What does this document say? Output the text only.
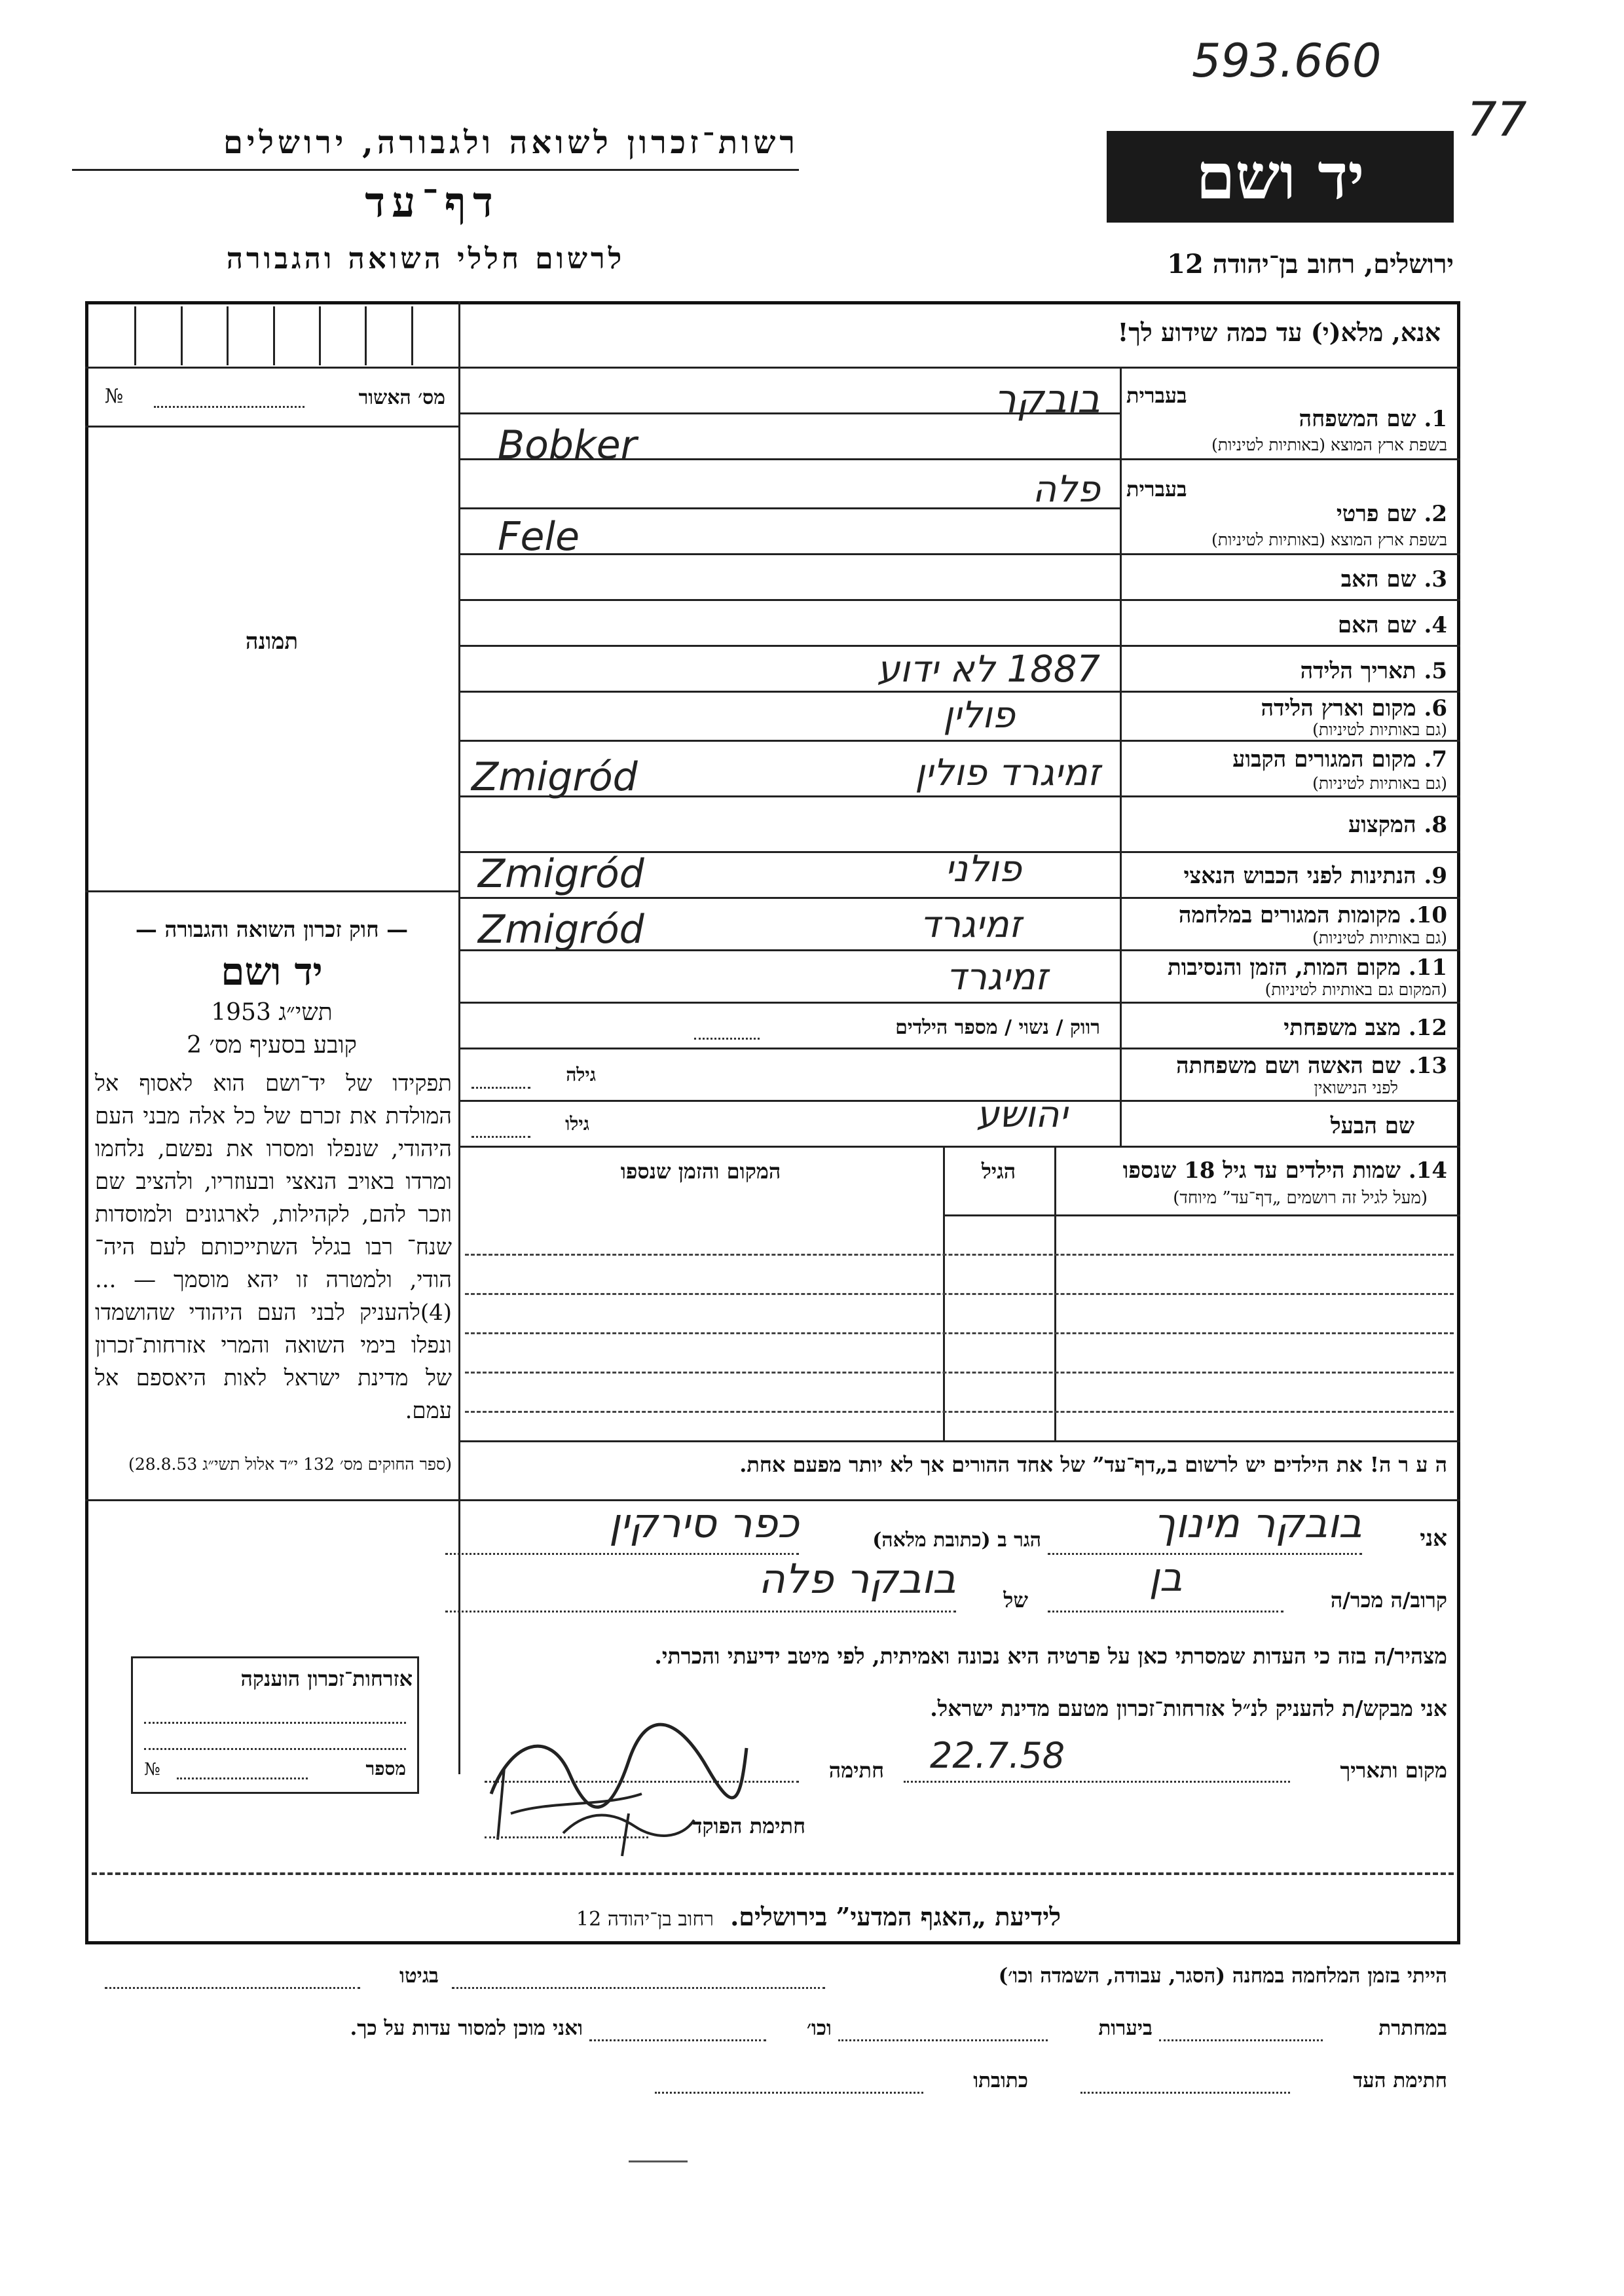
593.660
77
רשות־זכרון לשואה ולגבורה, ירושלים
דף־עד
לרשום חללי השואה והגבורה
יד ושם
ירושלים, רחוב בן־יהודה 12
אנא, מלא(י) עד כמה שידוע לך!
מס׳ האשור
№
תמונה
— חוק זכרון השואה והגבורה —
יד ושם
תשי״ג 1953
קובע בסעיף מס׳ 2
תפקידו של יד־ושם הוא לאסוף אל המולדת את זכרם של כל אלה מבני העם היהודי, שנפלו ומסרו את נפשם, נלחמו ומרדו באויב הנאצי ובעוזריו, ולהציב שם וזכר להם, לקהילות, לארגונים ולמוסדות שנח־ רבו בגלל השתייכותם לעם היה־ הודי, ולמטרה זו יהא מוסמך — ...(4)להעניק לבני העם היהודי שהושמדו ונפלו בימי השואה והמרי אזרחות־זכרון של מדינת ישראל לאות היאספם אל עמם.
(ספר החוקים מס׳ 132 י״ד אלול תשי״ג 28.8.53)
בעברית
1. שם המשפחה
בשפת ארץ המוצא (באותיות לטיניות)
בובקר
Bobker
בעברית
2. שם פרטי
בשפת ארץ המוצא (באותיות לטיניות)
פלה
Fele
3. שם האב
4. שם האם
5. תאריך הלידה
1887 לא ידוע
6. מקום וארץ הלידה
(גם באותיות לטיניות)
פולין
7. מקום המגורים הקבוע
(גם באותיות לטיניות)
זמיגרד פולין
Zmigród
8. המקצוע
9. הנתינות לפני הכבוש הנאצי
פולני
Zmigród
10. מקומות המגורים במלחמה
(גם באותיות לטיניות)
זמיגרד
Zmigród
11. מקום המות, הזמן והנסיבות
(המקום גם באותיות לטיניות)
זמיגרד
12. מצב משפחתי
רווק / נשוי / מספר הילדים
13. שם האשה ושם משפחתה
לפני הנישואין
גילה
שם הבעל
יהושע
גילו
14. שמות הילדים עד גיל 18 שנספו
(מעל לגיל זה רושמים „דף־עד” מיוחד)
הגיל
המקום והזמן שנספו
ה ע ר ה! את הילדים יש לרשום ב„דף־עד” של אחד ההורים אך לא יותר מפעם אחת.
אני
בובקר מינוך
הגר ב (כתובת מלאה)
כפר סירקין
קרוב/ה מכר/ה
בן
של
בובקר פלה
מצהיר/ה בזה כי העדות שמסרתי כאן על פרטיה היא נכונה ואמיתית, לפי מיטב ידיעתי והכרתי.
אני מבקש/ת להעניק לנ״ל אזרחות־זכרון מטעם מדינת ישראל.
מקום ותאריך
22.7.58
חתימה
חתימת הפוקד
אזרחות־זכרון הוענקה
מספר
№
לידיעת „האגף המדעי” בירושלים. רחוב בן־יהודה 12
הייתי בזמן המלחמה במחנה (הסגר, עבודה, השמדה וכו׳)
בגיטו
במחתרת
ביערות
וכו׳
ואני מוכן למסור עדות על כך.
חתימת העד
כתובתו
